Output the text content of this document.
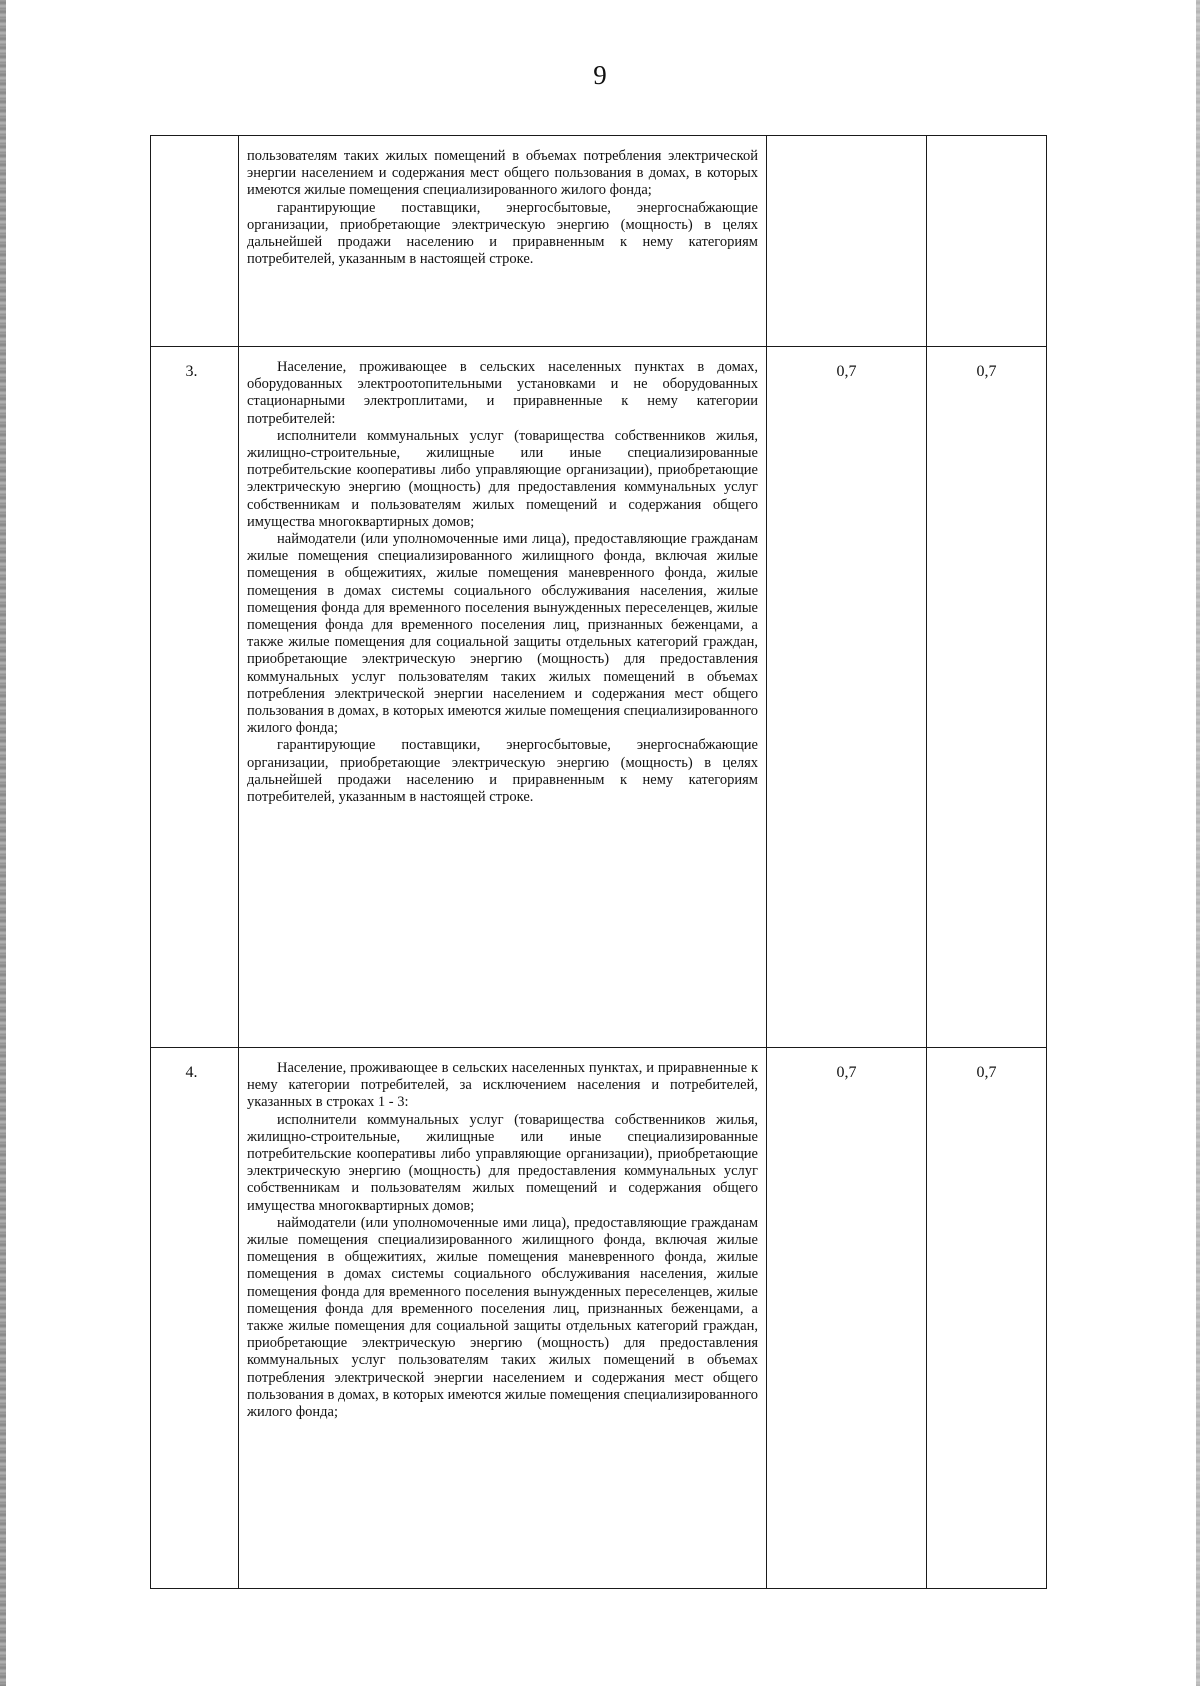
9

	пользователям таких жилых помещений в объемах потребления электрической энергии населением и содержания мест общего пользования в домах, в которых имеются жилые помещения специализированного жилого фонда;

гарантирующие поставщики, энергосбытовые, энергоснабжающие организации, приобретающие электрическую энергию (мощность) в целях дальнейшей продажи населению и приравненным к нему категориям потребителей, указанным в настоящей строке.		

3.	Население, проживающее в сельских населенных пунктах в домах, оборудованных электроотопительными установками и не оборудованных стационарными электроплитами, и приравненные к нему категории потребителей:

исполнители коммунальных услуг (товарищества собственников жилья, жилищно-строительные, жилищные или иные специализированные потребительские кооперативы либо управляющие организации), приобретающие электрическую энергию (мощность) для предоставления коммунальных услуг собственникам и пользователям жилых помещений и содержания общего имущества многоквартирных домов;

наймодатели (или уполномоченные ими лица), предоставляющие гражданам жилые помещения специализированного жилищного фонда, включая жилые помещения в общежитиях, жилые помещения маневренного фонда, жилые помещения в домах системы социального обслуживания населения, жилые помещения фонда для временного поселения вынужденных переселенцев, жилые помещения фонда для временного поселения лиц, признанных беженцами, а также жилые помещения для социальной защиты отдельных категорий граждан, приобретающие электрическую энергию (мощность) для предоставления коммунальных услуг пользователям таких жилых помещений в объемах потребления электрической энергии населением и содержания мест общего пользования в домах, в которых имеются жилые помещения специализированного жилого фонда;

гарантирующие поставщики, энергосбытовые, энергоснабжающие организации, приобретающие электрическую энергию (мощность) в целях дальнейшей продажи населению и приравненным к нему категориям потребителей, указанным в настоящей строке.	0,7	0,7
4.	Население, проживающее в сельских населенных пунктах, и приравненные к нему категории потребителей, за исключением населения и потребителей, указанных в строках 1 - 3:

исполнители коммунальных услуг (товарищества собственников жилья, жилищно-строительные, жилищные или иные специализированные потребительские кооперативы либо управляющие организации), приобретающие электрическую энергию (мощность) для предоставления коммунальных услуг собственникам и пользователям жилых помещений и содержания общего имущества многоквартирных домов;

наймодатели (или уполномоченные ими лица), предоставляющие гражданам жилые помещения специализированного жилищного фонда, включая жилые помещения в общежитиях, жилые помещения маневренного фонда, жилые помещения в домах системы социального обслуживания населения, жилые помещения фонда для временного поселения вынужденных переселенцев, жилые помещения фонда для временного поселения лиц, признанных беженцами, а также жилые помещения для социальной защиты отдельных категорий граждан, приобретающие электрическую энергию (мощность) для предоставления коммунальных услуг пользователям таких жилых помещений в объемах потребления электрической энергии населением и содержания мест общего пользования в домах, в которых имеются жилые помещения специализированного жилого фонда;	0,7	0,7
